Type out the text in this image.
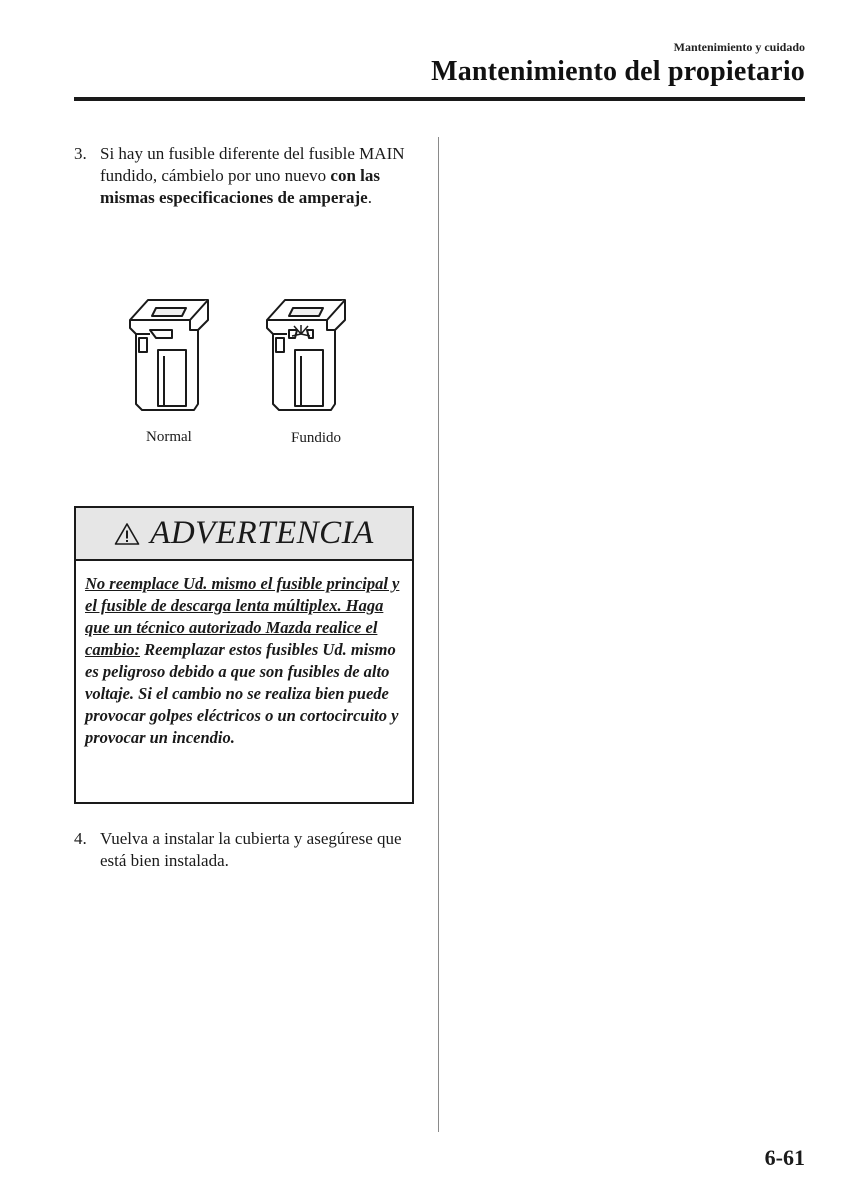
Mantenimiento y cuidado
Mantenimiento del propietario
3. Si hay un fusible diferente del fusible MAIN fundido, cámbielo por uno nuevo con las mismas especificaciones de amperaje.
Normal	Fundido
ADVERTENCIA
No reemplace Ud. mismo el fusible principal y el fusible de descarga lenta múltiplex. Haga que un técnico autorizado Mazda realice el cambio: Reemplazar estos fusibles Ud. mismo es peligroso debido a que son fusibles de alto voltaje. Si el cambio no se realiza bien puede provocar golpes eléctricos o un cortocircuito y provocar un incendio.
4. Vuelva a instalar la cubierta y asegúrese que está bien instalada.
6-61
